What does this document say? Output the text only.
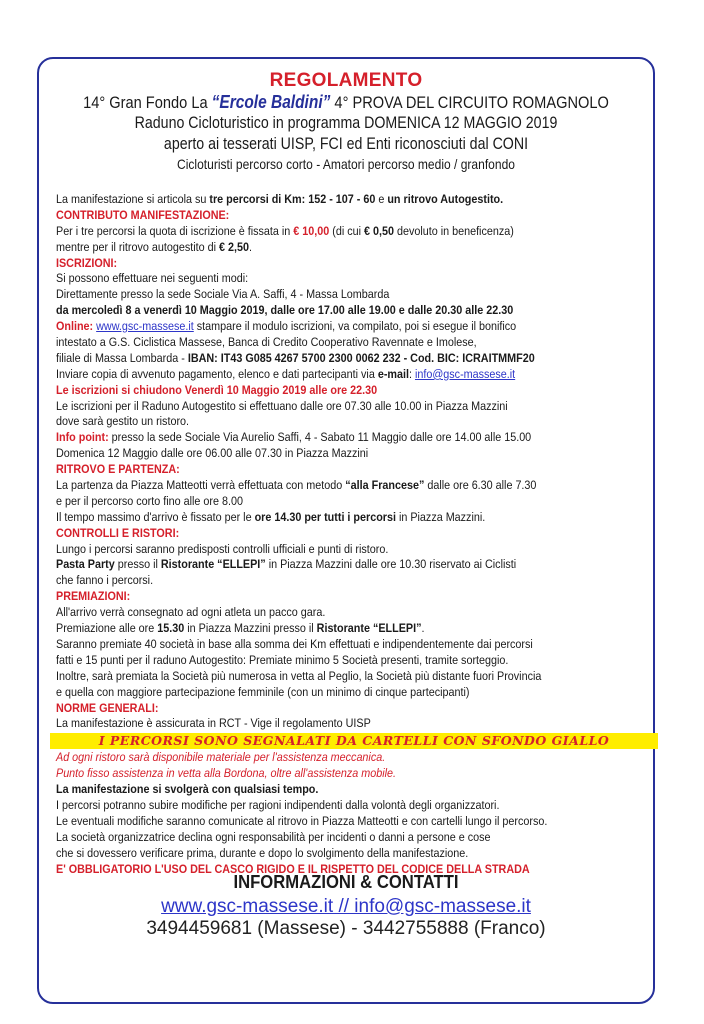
REGOLAMENTO
14° Gran Fondo La “Ercole Baldini” 4° PROVA DEL CIRCUITO ROMAGNOLO
Raduno Cicloturistico in programma DOMENICA 12 MAGGIO 2019
aperto ai tesserati UISP, FCI ed Enti riconosciuti dal CONI
Cicloturisti percorso corto - Amatori percorso medio / granfondo
La manifestazione si articola su tre percorsi di Km: 152 - 107 - 60 e un ritrovo Autogestito.
CONTRIBUTO MANIFESTAZIONE:
Per i tre percorsi la quota di iscrizione è fissata in € 10,00 (di cui € 0,50 devoluto in beneficenza)
mentre per il ritrovo autogestito di € 2,50.
ISCRIZIONI:
Si possono effettuare nei seguenti modi:
Direttamente presso la sede Sociale Via A. Saffi, 4 - Massa Lombarda
da mercoledì 8 a venerdì 10 Maggio 2019, dalle ore 17.00 alle 19.00 e dalle 20.30 alle 22.30
Online: www.gsc-massese.it stampare il modulo iscrizioni, va compilato, poi si esegue il bonifico
intestato a G.S. Ciclistica Massese, Banca di Credito Cooperativo Ravennate e Imolese,
filiale di Massa Lombarda - IBAN: IT43 G085 4267 5700 2300 0062 232 - Cod. BIC: ICRAITMMF20
Inviare copia di avvenuto pagamento, elenco e dati partecipanti via e-mail: info@gsc-massese.it
Le iscrizioni si chiudono Venerdì 10 Maggio 2019 alle ore 22.30
Le iscrizioni per il Raduno Autogestito si effettuano dalle ore 07.30 alle 10.00 in Piazza Mazzini
dove sarà gestito un ristoro.
Info point: presso la sede Sociale Via Aurelio Saffi, 4 - Sabato 11 Maggio dalle ore 14.00 alle 15.00
Domenica 12 Maggio dalle ore 06.00 alle 07.30 in Piazza Mazzini
RITROVO E PARTENZA:
La partenza da Piazza Matteotti verrà effettuata con metodo “alla Francese” dalle ore 6.30 alle 7.30
e per il percorso corto fino alle ore 8.00
Il tempo massimo d'arrivo è fissato per le ore 14.30 per tutti i percorsi in Piazza Mazzini.
CONTROLLI E RISTORI:
Lungo i percorsi saranno predisposti controlli ufficiali e punti di ristoro.
Pasta Party presso il Ristorante “ELLEPI” in Piazza Mazzini dalle ore 10.30 riservato ai Ciclisti
che fanno i percorsi.
PREMIAZIONI:
All'arrivo verrà consegnato ad ogni atleta un pacco gara.
Premiazione alle ore 15.30 in Piazza Mazzini presso il Ristorante “ELLEPI”.
Saranno premiate 40 società in base alla somma dei Km effettuati e indipendentemente dai percorsi
fatti e 15 punti per il raduno Autogestito: Premiate minimo 5 Società presenti, tramite sorteggio.
Inoltre, sarà premiata la Società più numerosa in vetta al Peglio, la Società più distante fuori Provincia
e quella con maggiore partecipazione femminile (con un minimo di cinque partecipanti)
NORME GENERALI:
La manifestazione è assicurata in RCT - Vige il regolamento UISP
I PERCORSI SONO SEGNALATI DA CARTELLI CON SFONDO GIALLO
Ad ogni ristoro sarà disponibile materiale per l'assistenza meccanica.
Punto fisso assistenza in vetta alla Bordona, oltre all'assistenza mobile.
La manifestazione si svolgerà con qualsiasi tempo.
I percorsi potranno subire modifiche per ragioni indipendenti dalla volontà degli organizzatori.
Le eventuali modifiche saranno comunicate al ritrovo in Piazza Matteotti e con cartelli lungo il percorso.
La società organizzatrice declina ogni responsabilità per incidenti o danni a persone e cose
che si dovessero verificare prima, durante e dopo lo svolgimento della manifestazione.
E' OBBLIGATORIO L'USO DEL CASCO RIGIDO E IL RISPETTO DEL CODICE DELLA STRADA
INFORMAZIONI & CONTATTI
www.gsc-massese.it // info@gsc-massese.it
3494459681 (Massese) - 3442755888 (Franco)
